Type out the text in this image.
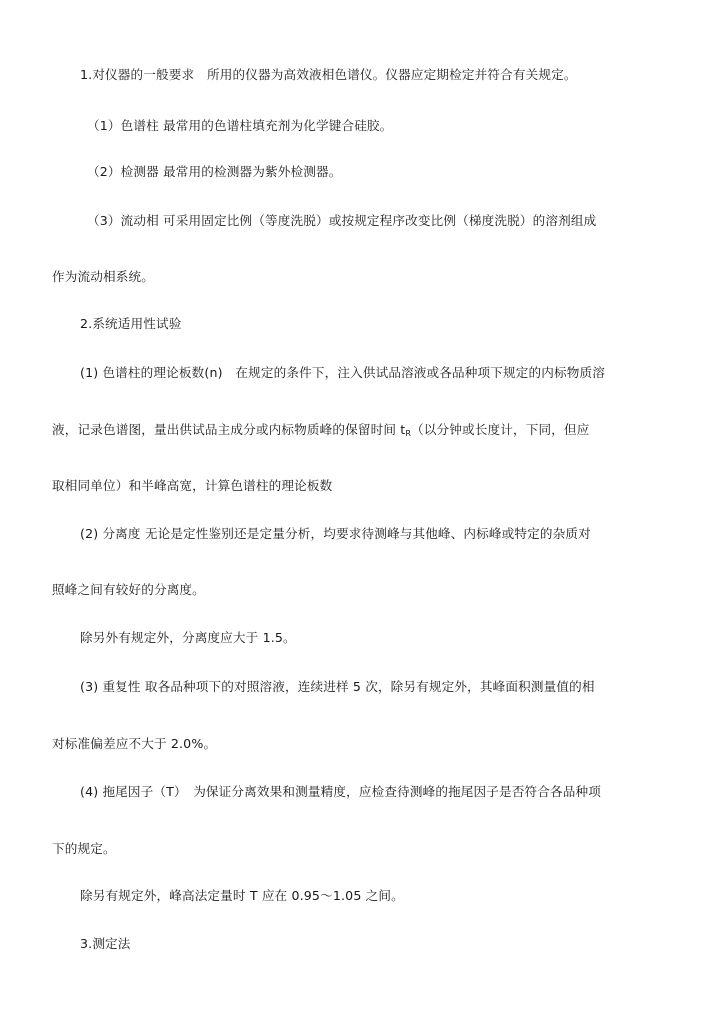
1.对仪器的一般要求　所用的仪器为高效液相色谱仪。仪器应定期检定并符合有关规定。
（1）色谱柱 最常用的色谱柱填充剂为化学键合硅胶。
（2）检测器 最常用的检测器为紫外检测器。
（3）流动相 可采用固定比例（等度洗脱）或按规定程序改变比例（梯度洗脱）的溶剂组成
作为流动相系统。
2.系统适用性试验
(1) 色谱柱的理论板数(n)　在规定的条件下，注入供试品溶液或各品种项下规定的内标物质溶
液，记录色谱图，量出供试品主成分或内标物质峰的保留时间 $t_R$（以分钟或长度计，下同，但应
取相同单位）和半峰高宽，计算色谱柱的理论板数
(2) 分离度 无论是定性鉴别还是定量分析，均要求待测峰与其他峰、内标峰或特定的杂质对
照峰之间有较好的分离度。
除另外有规定外，分离度应大于 1.5。
(3) 重复性 取各品种项下的对照溶液，连续进样 5 次，除另有规定外，其峰面积测量值的相
对标准偏差应不大于 2.0%。
(4) 拖尾因子（T）　为保证分离效果和测量精度，应检查待测峰的拖尾因子是否符合各品种项
下的规定。
除另有规定外，峰高法定量时 T 应在 0.95～1.05 之间。
3.测定法
